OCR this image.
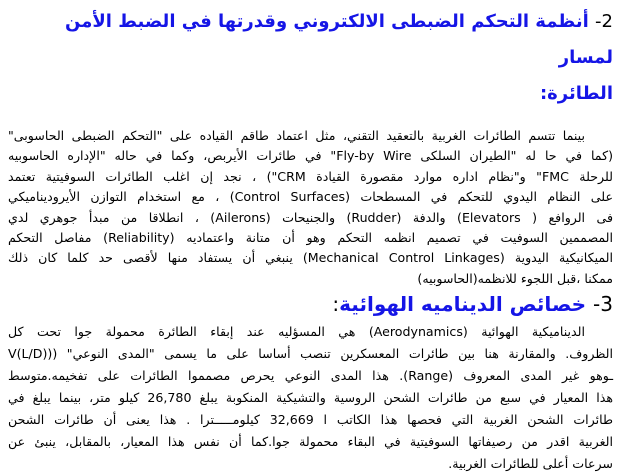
2- أنظمة التحكم الضبطى الالكتروني وقدرتها في الضبط الأمن لمسار
الطائرة:
بينما تتسم الطائرات الغربية بالتعقيد التقني، مثل اعتماد طاقم القياده على "التحكم الضبطى الحاسوبى"
(كما في حا له "الطيران السلكى Fly-by Wire" في طائرات الأيربص، وكما في حاله "الإداره الحاسوبيه
للرحلة FMC" و"نظام اداره موارد مقصورة القيادة CRM") ، نجد إن اغلب الطائرات السوفيتية تعتمد
على النظام اليدوي للتحكم في المسطحات (Control Surfaces) ، مع استخدام التوازن الأيروديناميكي
فى الروافع ( Elevators) والدفة (Rudder) والجنيحات (Ailerons) ، انطلاقا من مبدأ جوهري لدي
المصممين السوفيت في تصميم انظمه التحكم وهو أن متانة واعتماديه (Reliability) مفاصل التحكم
الميكانيكية اليدوية (Mechanical Control Linkages) ينبغي أن يستفاد منها لأقصى حد كلما كان ذلك
ممكنا ،قبل اللجوء للانظمه(الحاسوبيه)
3- خصائص الديناميه الهوائية:
الديناميكية الهوائية (Aerodynamics) هي المسؤليه عند إبقاء الطائرة محمولة جوا تحت كل
الظروف. والمقارنة هنا بين طائرات المعسكرين تنصب أساسا على ما يسمى "المدى النوعي" ((V(L/D)
ـوهو غير المدى المعروف (Range). هذا المدى النوعي يحرص مصمموا الطائرات على تفخيمه.متوسط
هذا المعيار في سبع من طائرات الشحن الروسية والتشيكية المنكوبة يبلغ 26,780 كيلو متر، بينما يبلغ في
طائرات الشحن الغربية التي فحصها هذا الكاتب ا 32,669 كيلومـــــترا . هذا يعنى أن طائرات الشحن
الغربية اقدر من رصيفاتها السوفيتية في البقاء محمولة جوا.كما أن نفس هذا المعيار، بالمقابل، ينبئ عن
سرعات أعلى للطائرات الغربية.
